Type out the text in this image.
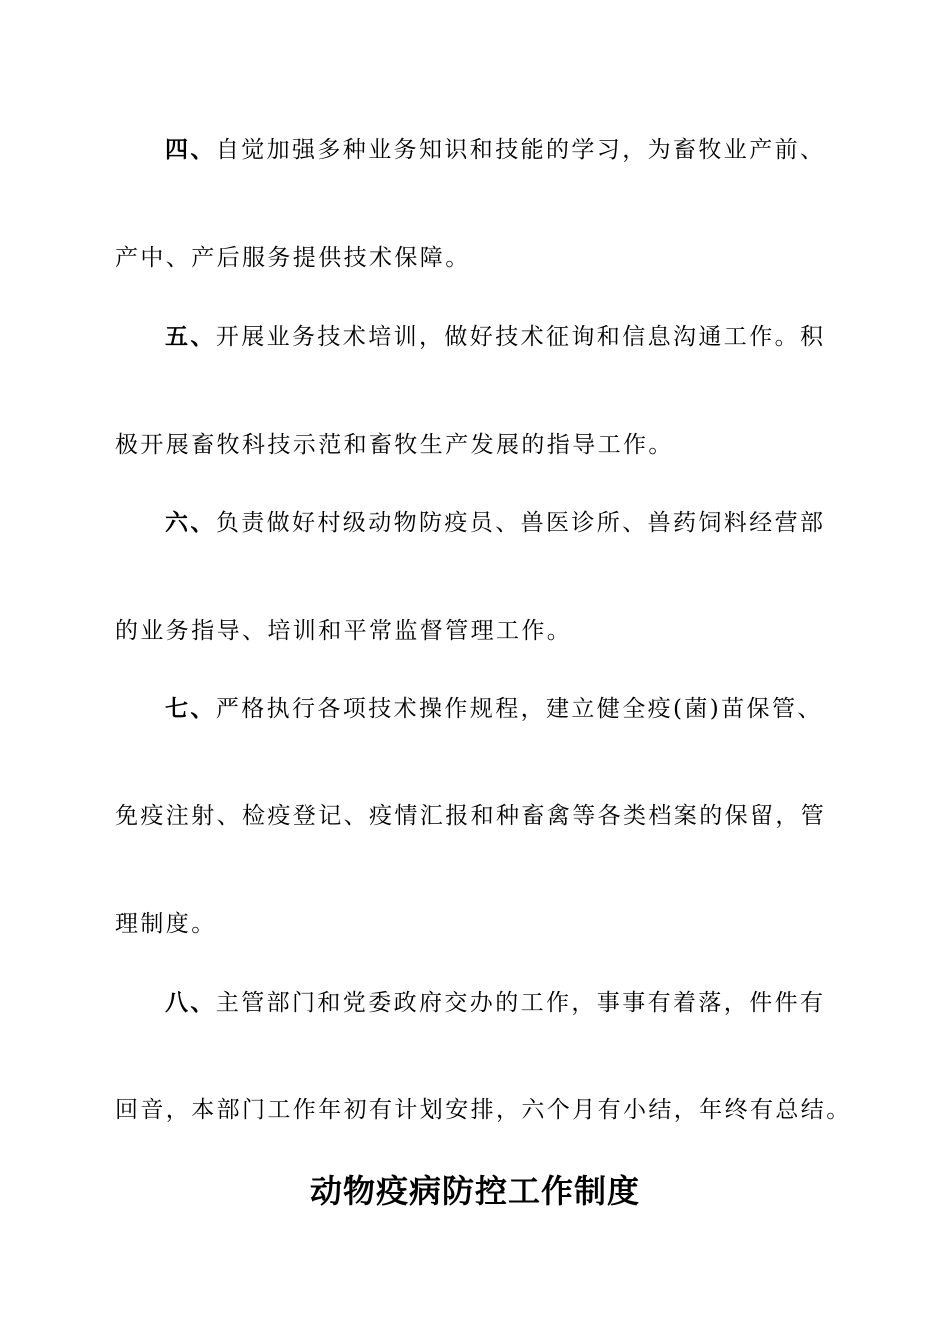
四、自觉加强多种业务知识和技能的学习，为畜牧业产前、
产中、产后服务提供技术保障。
五、开展业务技术培训，做好技术征询和信息沟通工作。积
极开展畜牧科技示范和畜牧生产发展的指导工作。
六、负责做好村级动物防疫员、兽医诊所、兽药饲料经营部
的业务指导、培训和平常监督管理工作。
七、严格执行各项技术操作规程，建立健全疫(菌)苗保管、
免疫注射、检疫登记、疫情汇报和种畜禽等各类档案的保留，管
理制度。
八、主管部门和党委政府交办的工作，事事有着落，件件有
回音，本部门工作年初有计划安排，六个月有小结，年终有总结。
动物疫病防控工作制度
